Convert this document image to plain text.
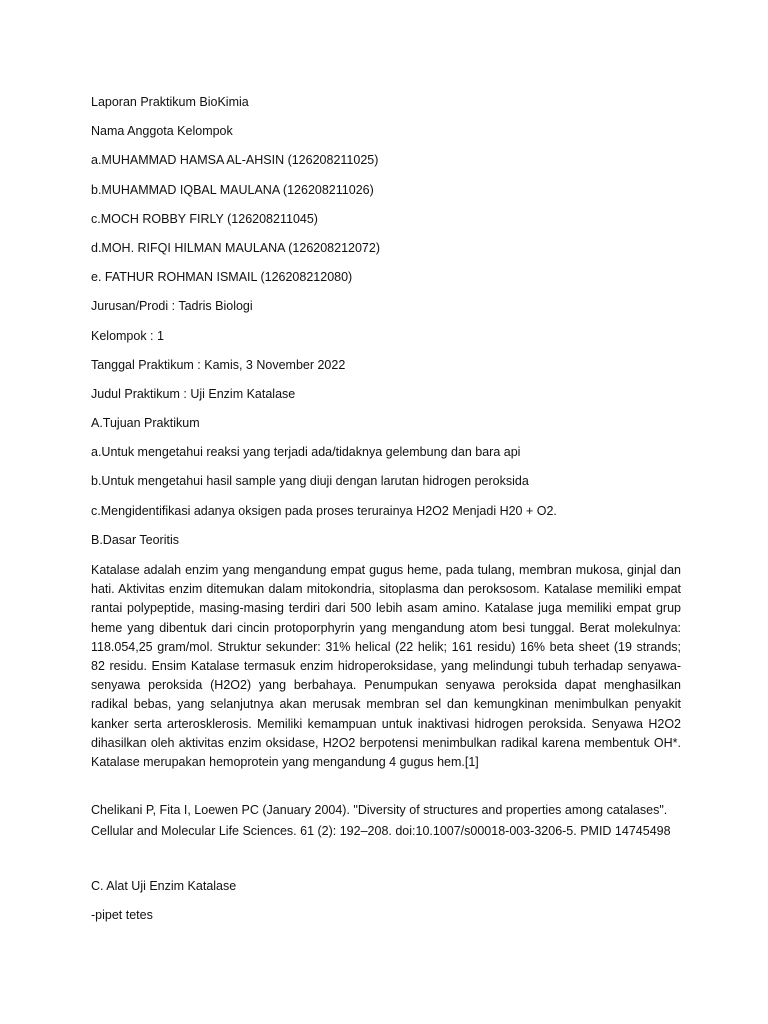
Laporan Praktikum BioKimia
Nama Anggota Kelompok
a.MUHAMMAD HAMSA AL-AHSIN (126208211025)
b.MUHAMMAD IQBAL MAULANA (126208211026)
c.MOCH ROBBY FIRLY (126208211045)
d.MOH. RIFQI HILMAN MAULANA (126208212072)
e. FATHUR ROHMAN ISMAIL (126208212080)
Jurusan/Prodi : Tadris Biologi
Kelompok : 1
Tanggal Praktikum : Kamis, 3 November 2022
Judul Praktikum : Uji Enzim Katalase
A.Tujuan Praktikum
a.Untuk mengetahui reaksi yang terjadi ada/tidaknya gelembung dan bara api
b.Untuk mengetahui hasil sample yang diuji dengan larutan hidrogen peroksida
c.Mengidentifikasi adanya oksigen pada proses terurainya H2O2 Menjadi H20 + O2.
B.Dasar Teoritis

Katalase adalah enzim yang mengandung empat gugus heme, pada tulang, membran mukosa, ginjal dan hati. Aktivitas enzim ditemukan dalam mitokondria, sitoplasma dan peroksosom. Katalase memiliki empat rantai polypeptide, masing-masing terdiri dari 500 lebih asam amino. Katalase juga memiliki empat grup heme yang dibentuk dari cincin protoporphyrin yang mengandung atom besi tunggal. Berat molekulnya: 118.054,25 gram/mol. Struktur sekunder: 31% helical (22 helik; 161 residu) 16% beta sheet (19 strands; 82 residu. Ensim Katalase termasuk enzim hidroperoksidase, yang melindungi tubuh terhadap senyawa-senyawa peroksida (H2O2) yang berbahaya. Penumpukan senyawa peroksida dapat menghasilkan radikal bebas, yang selanjutnya akan merusak membran sel dan kemungkinan menimbulkan penyakit kanker serta arterosklerosis. Memiliki kemampuan untuk inaktivasi hidrogen peroksida. Senyawa H2O2 dihasilkan oleh aktivitas enzim oksidase, H2O2 berpotensi menimbulkan radikal karena membentuk OH*. Katalase merupakan hemoprotein yang mengandung 4 gugus hem.[1]

Chelikani P, Fita I, Loewen PC (January 2004). "Diversity of structures and properties among catalases". Cellular and Molecular Life Sciences. 61 (2): 192–208. doi:10.1007/s00018-003-3206-5. PMID 14745498

C. Alat Uji Enzim Katalase
-pipet tetes
